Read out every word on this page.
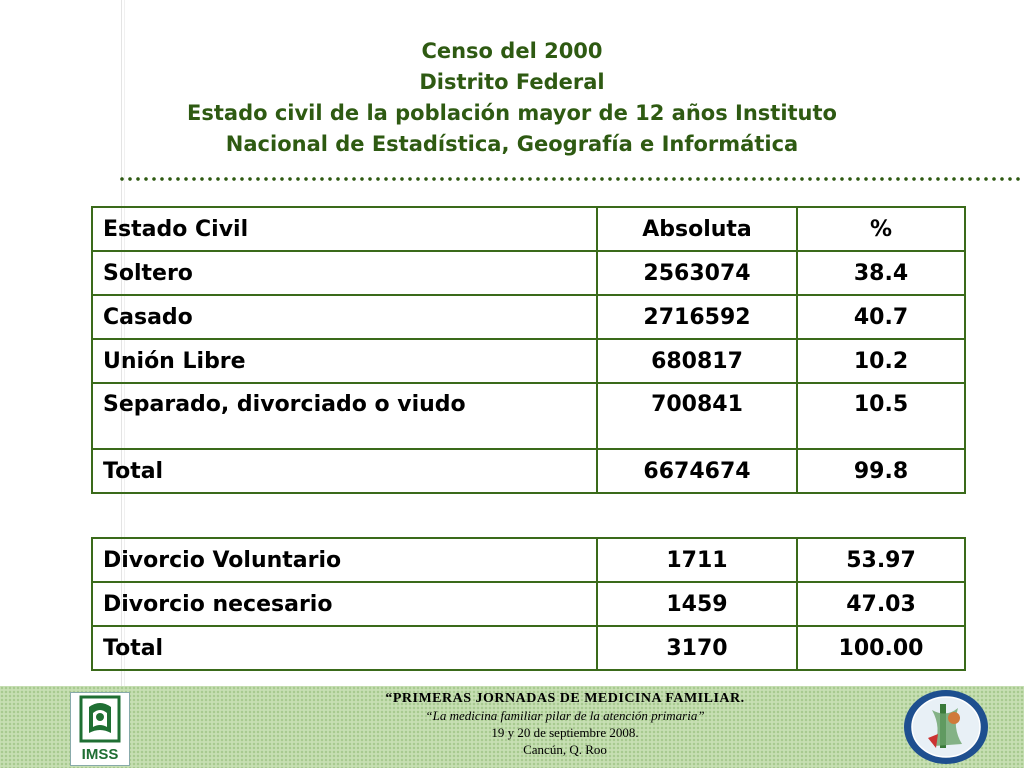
Censo del 2000
Distrito Federal
Estado civil de la población mayor de 12 años Instituto
Nacional de Estadística, Geografía e Informática
Estado Civil	Absoluta	%
Soltero	2563074	38.4
Casado	2716592	40.7
Unión Libre	680817	10.2
Separado, divorciado o viudo	700841	10.5
Total	6674674	99.8
Divorcio Voluntario	1711	53.97
Divorcio necesario	1459	47.03
Total	3170	100.00
IMSS
“PRIMERAS JORNADAS DE MEDICINA FAMILIAR.
“La medicina familiar pilar de la atención primaria”
19 y 20 de septiembre 2008.
Cancún, Q. Roo
